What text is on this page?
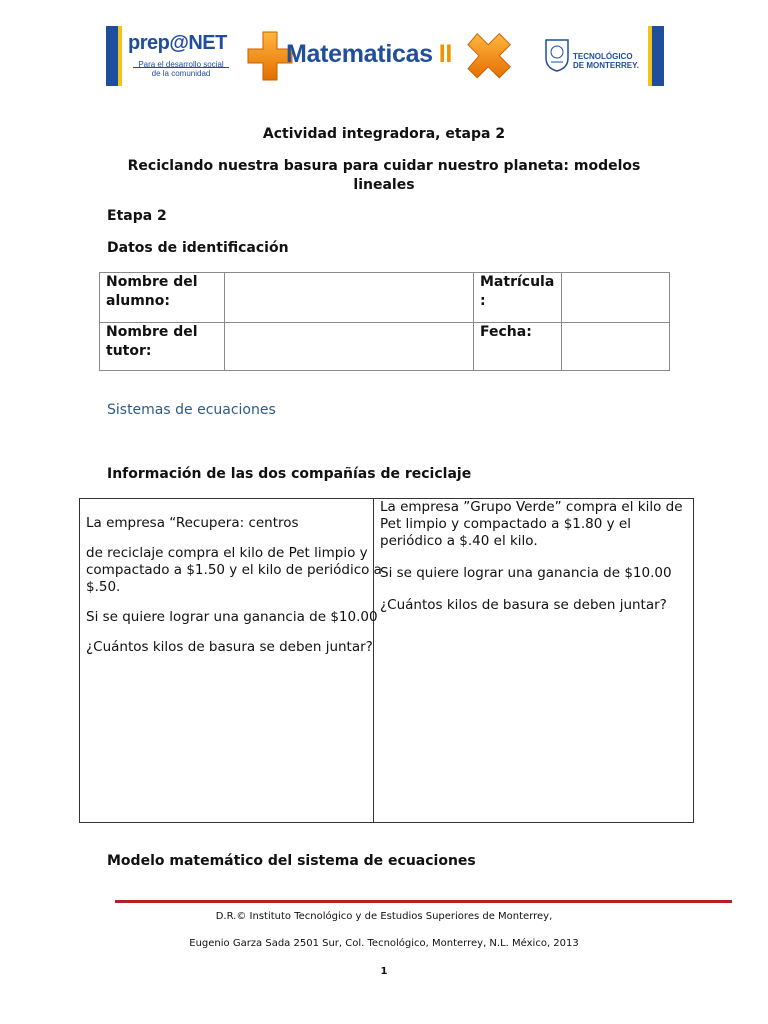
prep@NET
Para el desarrollo social
de la comunidad
Matematicas II	TECNOLÓGICO
DE MONTERREY.
Actividad integradora, etapa 2
Reciclando nuestra basura para cuidar nuestro planeta: modelos lineales
Etapa 2
Datos de identificación
Nombre del alumno:		Matrícula :	
Nombre del tutor:		Fecha:	
Sistemas de ecuaciones
Información de las dos compañías de reciclaje

La empresa “Recupera: centros

de reciclaje compra el kilo de Pet limpio y compactado a $1.50 y el kilo de periódico a $.50.

Si se quiere lograr una ganancia de $10.00

¿Cuántos kilos de basura se deben juntar?

La empresa ”Grupo Verde” compra el kilo de Pet limpio y compactado a $1.80 y el periódico a $.40 el kilo.

Si se quiere lograr una ganancia de $10.00

¿Cuántos kilos de basura se deben juntar?

Modelo matemático del sistema de ecuaciones
D.R.© Instituto Tecnológico y de Estudios Superiores de Monterrey,
Eugenio Garza Sada 2501 Sur, Col. Tecnológico, Monterrey, N.L. México, 2013
1
